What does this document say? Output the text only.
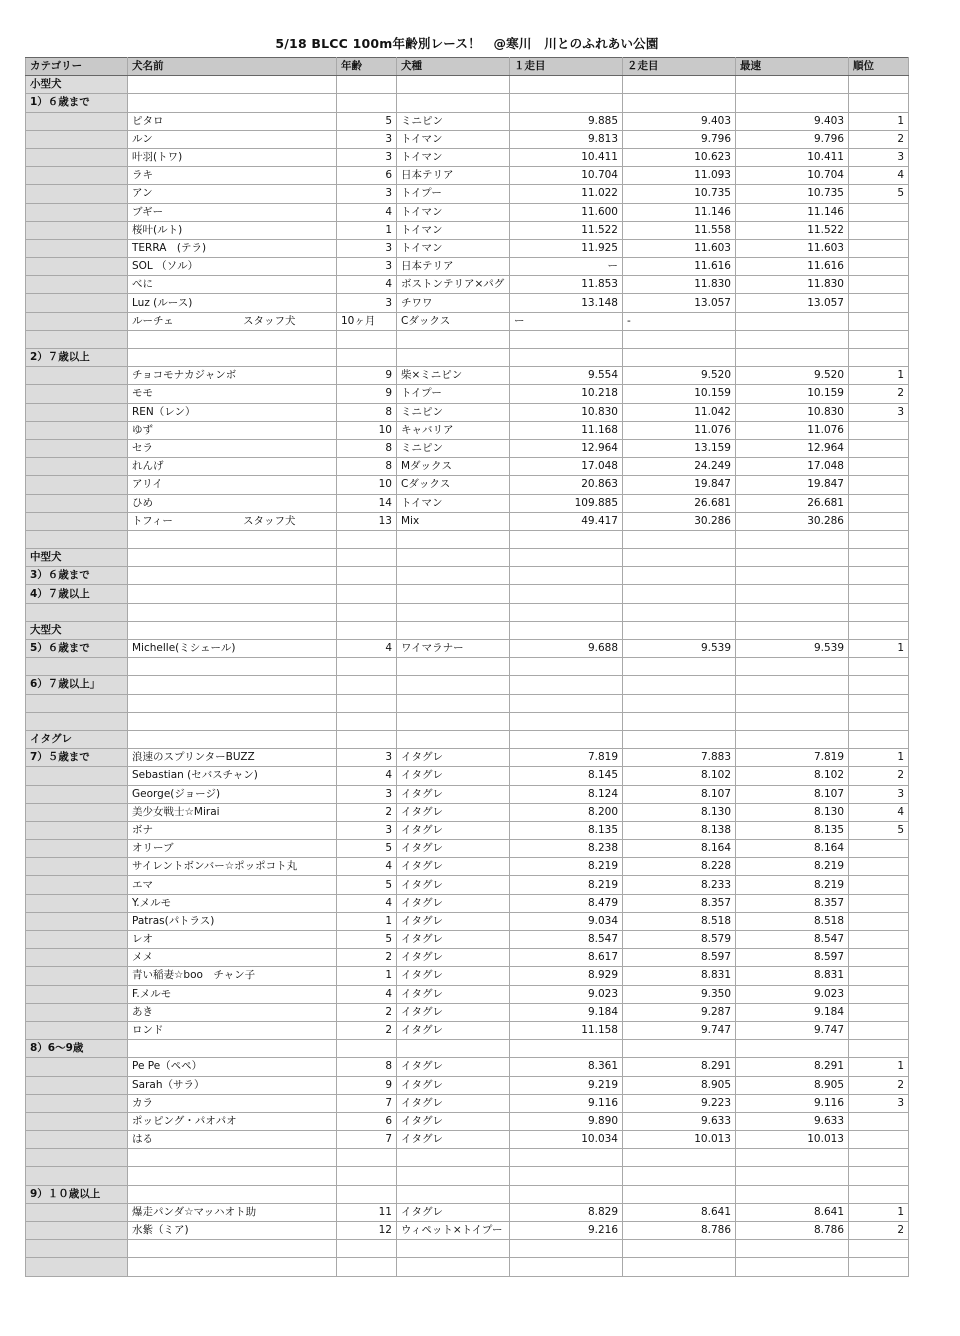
5/18 BLCC 100m年齢別レース！　@寒川　川とのふれあい公園
カテゴリー	犬名前	年齢	犬種	１走目	２走目	最速	順位
小型犬							
1）６歳まで							
	ピタロ	5	ミニピン	9.885	9.403	9.403	1
	ルン	3	トイマン	9.813	9.796	9.796	2
	叶羽(トワ)	3	トイマン	10.411	10.623	10.411	3
	ラキ	6	日本テリア	10.704	11.093	10.704	4
	アン	3	トイプー	11.022	10.735	10.735	5
	ブギー	4	トイマン	11.600	11.146	11.146	
	桜叶(ルト)	1	トイマン	11.522	11.558	11.522	
	TERRA　(テラ)	3	トイマン	11.925	11.603	11.603	
	SOL （ソル）	3	日本テリア	ー	11.616	11.616	
	べに	4	ボストンテリア×パグ	11.853	11.830	11.830	
	Luz (ルース)	3	チワワ	13.148	13.057	13.057	
	ルーチェ スタッフ犬	10ヶ月	Cダックス	ー	-		

2）７歳以上							
	チョコモナカジャンボ	9	柴×ミニピン	9.554	9.520	9.520	1
	モモ	9	トイプー	10.218	10.159	10.159	2
	REN（レン）	8	ミニピン	10.830	11.042	10.830	3
	ゆず	10	キャバリア	11.168	11.076	11.076	
	セラ	8	ミニピン	12.964	13.159	12.964	
	れんげ	8	Mダックス	17.048	24.249	17.048	
	アリイ	10	Cダックス	20.863	19.847	19.847	
	ひめ	14	トイマン	109.885	26.681	26.681	
	トフィー スタッフ犬	13	Mix	49.417	30.286	30.286	

中型犬							
3）６歳まで							
4）７歳以上							

大型犬							
5）６歳まで	Michelle(ミシェール)	4	ワイマラナー	9.688	9.539	9.539	1

6）７歳以上」							

イタグレ							
7）５歳まで	浪速のスプリンターBUZZ	3	イタグレ	7.819	7.883	7.819	1
	Sebastian (セバスチャン)	4	イタグレ	8.145	8.102	8.102	2
	George(ジョージ)	3	イタグレ	8.124	8.107	8.107	3
	美少女戦士☆Mirai	2	イタグレ	8.200	8.130	8.130	4
	ボナ	3	イタグレ	8.135	8.138	8.135	5
	オリーブ	5	イタグレ	8.238	8.164	8.164	
	サイレントボンバー☆ポッポコト丸	4	イタグレ	8.219	8.228	8.219	
	エマ	5	イタグレ	8.219	8.233	8.219	
	Y.メルモ	4	イタグレ	8.479	8.357	8.357	
	Patras(パトラス)	1	イタグレ	9.034	8.518	8.518	
	レオ	5	イタグレ	8.547	8.579	8.547	
	メメ	2	イタグレ	8.617	8.597	8.597	
	青い稲妻☆boo　チャン子	1	イタグレ	8.929	8.831	8.831	
	F.メルモ	4	イタグレ	9.023	9.350	9.023	
	あき	2	イタグレ	9.184	9.287	9.184	
	ロンド	2	イタグレ	11.158	9.747	9.747	
8）6～9歳							
	Pe Pe（ペペ）	8	イタグレ	8.361	8.291	8.291	1
	Sarah（サラ）	9	イタグレ	9.219	8.905	8.905	2
	カラ	7	イタグレ	9.116	9.223	9.116	3
	ポッピング・パオパオ	6	イタグレ	9.890	9.633	9.633	
	はる	7	イタグレ	10.034	10.013	10.013	

9）１０歳以上							
	爆走パンダ☆マッハオト助	11	イタグレ	8.829	8.641	8.641	1
	水紫（ミア)	12	ウィペット×トイプー	9.216	8.786	8.786	2
